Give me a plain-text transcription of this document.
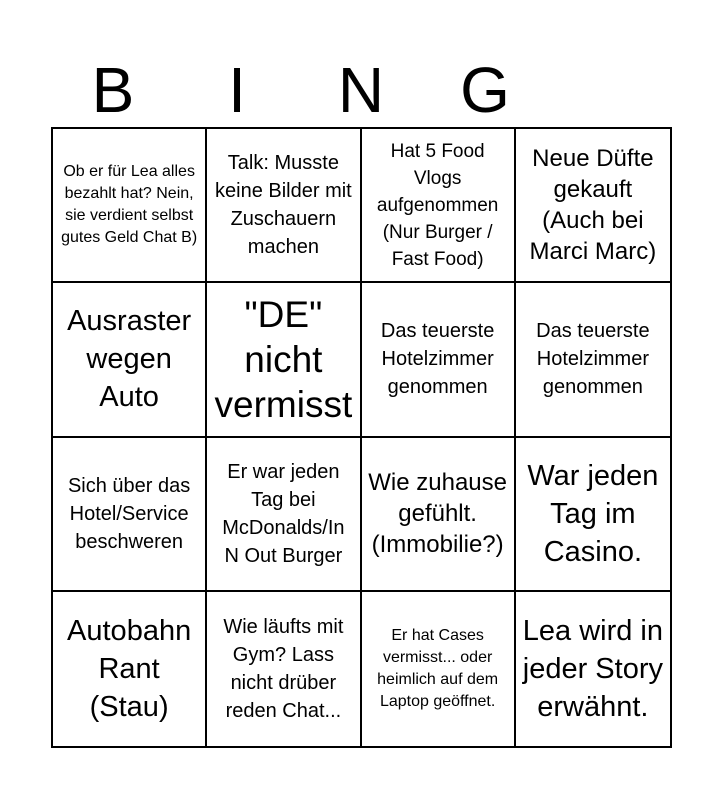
B	I	N	G
Ob er für Lea alles bezahlt hat? Nein, sie verdient selbst gutes Geld Chat B)
Talk: Musste keine Bilder mit Zuschauern machen
Hat 5 Food Vlogs aufgenommen (Nur Burger / Fast Food)
Neue Düfte gekauft (Auch bei Marci Marc)
Ausraster wegen Auto
"DE" nicht vermisst
Das teuerste Hotelzimmer genommen
Das teuerste Hotelzimmer genommen
Sich über das Hotel/Service beschweren
Er war jeden Tag bei McDonalds/In N Out Burger
Wie zuhause gefühlt. (Immobilie?)
War jeden Tag im Casino.
Autobahn Rant (Stau)
Wie läufts mit Gym? Lass nicht drüber reden Chat...
Er hat Cases vermisst... oder heimlich auf dem Laptop geöffnet.
Lea wird in jeder Story erwähnt.
